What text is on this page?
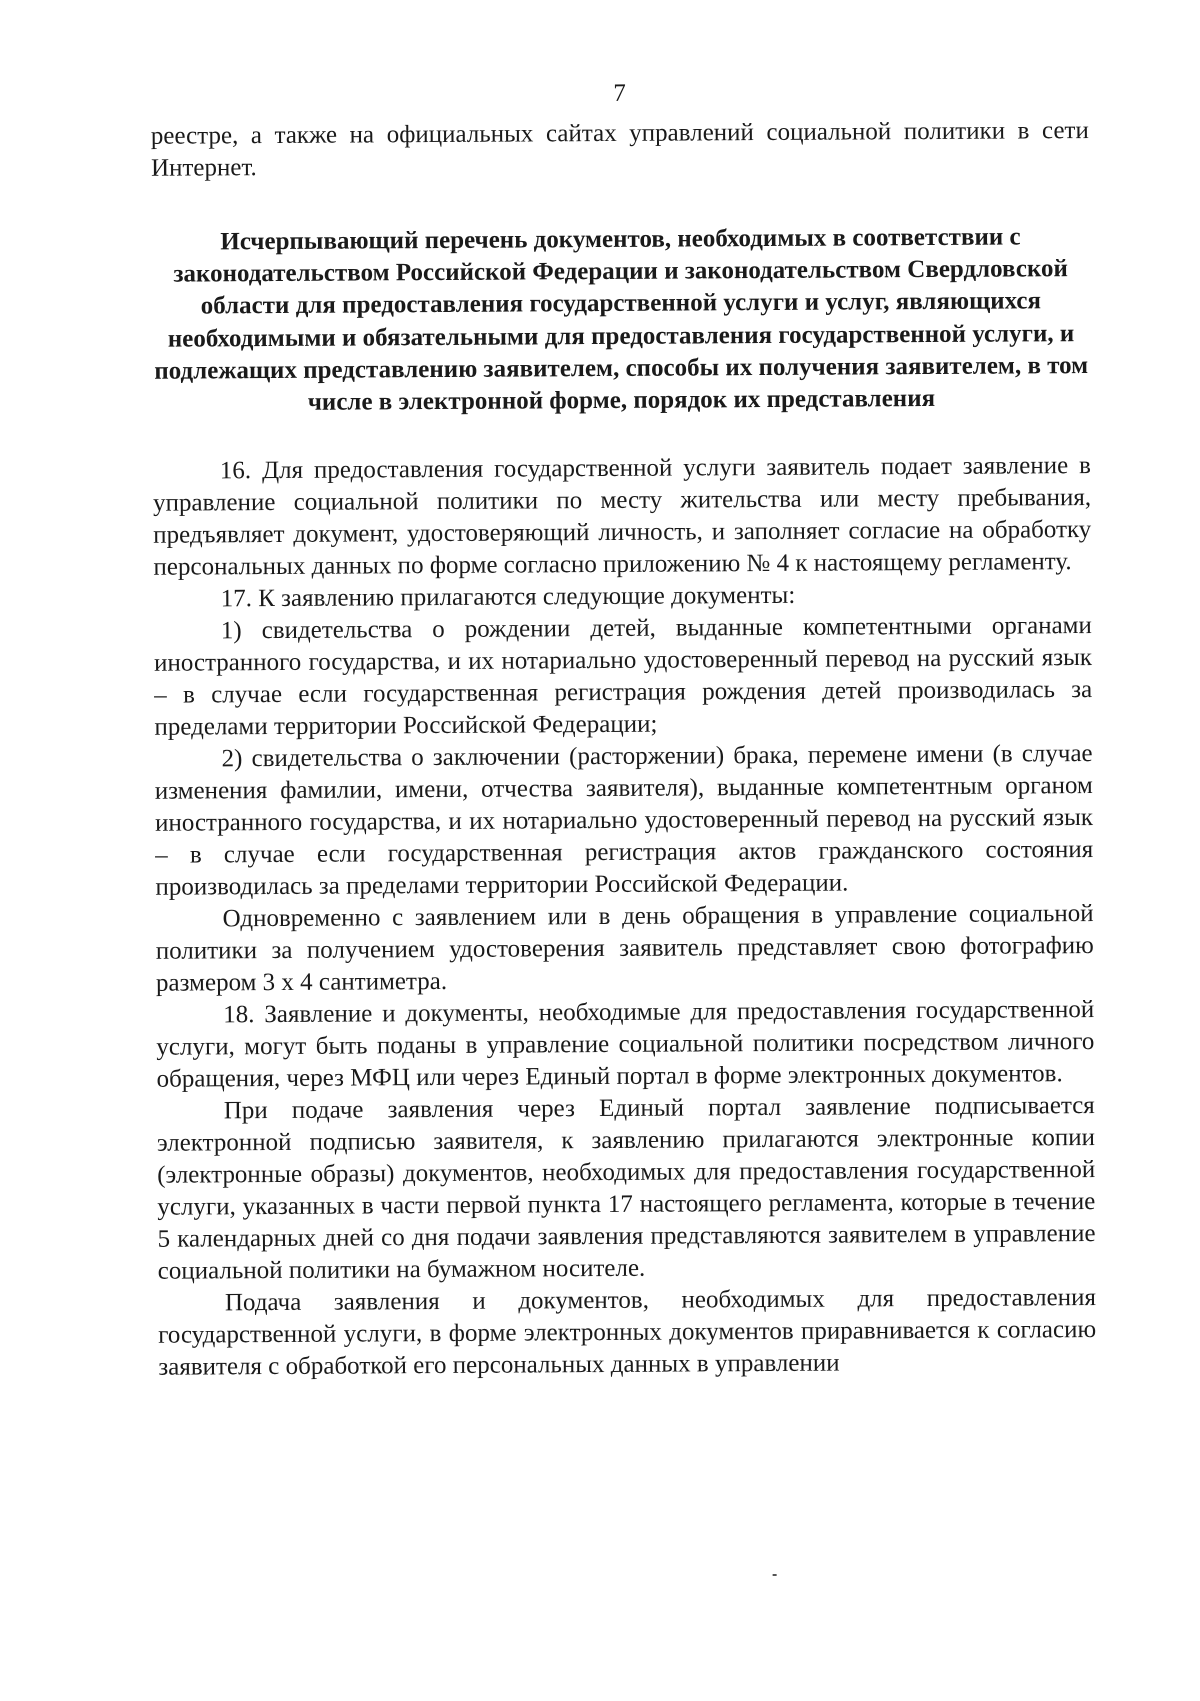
7

реестре, а также на официальных сайтах управлений социальной политики в сети Интернет.

Исчерпывающий перечень документов, необходимых в соответствии с законодательством Российской Федерации и законодательством Свердловской области для предоставления государственной услуги и услуг, являющихся необходимыми и обязательными для предоставления государственной услуги, и подлежащих представлению заявителем, способы их получения заявителем, в том числе в электронной форме, порядок их представления

16. Для предоставления государственной услуги заявитель подает заявление в управление социальной политики по месту жительства или месту пребывания, предъявляет документ, удостоверяющий личность, и заполняет согласие на обработку персональных данных по форме согласно приложению № 4 к настоящему регламенту.

17. К заявлению прилагаются следующие документы:

1) свидетельства о рождении детей, выданные компетентными органами иностранного государства, и их нотариально удостоверенный перевод на русский язык – в случае если государственная регистрация рождения детей производилась за пределами территории Российской Федерации;

2) свидетельства о заключении (расторжении) брака, перемене имени (в случае изменения фамилии, имени, отчества заявителя), выданные компетентным органом иностранного государства, и их нотариально удостоверенный перевод на русский язык – в случае если государственная регистрация актов гражданского состояния производилась за пределами территории Российской Федерации.

Одновременно с заявлением или в день обращения в управление социальной политики за получением удостоверения заявитель представляет свою фотографию размером 3 х 4 сантиметра.

18. Заявление и документы, необходимые для предоставления государственной услуги, могут быть поданы в управление социальной политики посредством личного обращения, через МФЦ или через Единый портал в форме электронных документов.

При подаче заявления через Единый портал заявление подписывается электронной подписью заявителя, к заявлению прилагаются электронные копии (электронные образы) документов, необходимых для предоставления государственной услуги, указанных в части первой пункта 17 настоящего регламента, которые в течение 5 календарных дней со дня подачи заявления представляются заявителем в управление социальной политики на бумажном носителе.

Подача заявления и документов, необходимых для предоставления государственной услуги, в форме электронных документов приравнивается к согласию заявителя с обработкой его персональных данных в управлении
